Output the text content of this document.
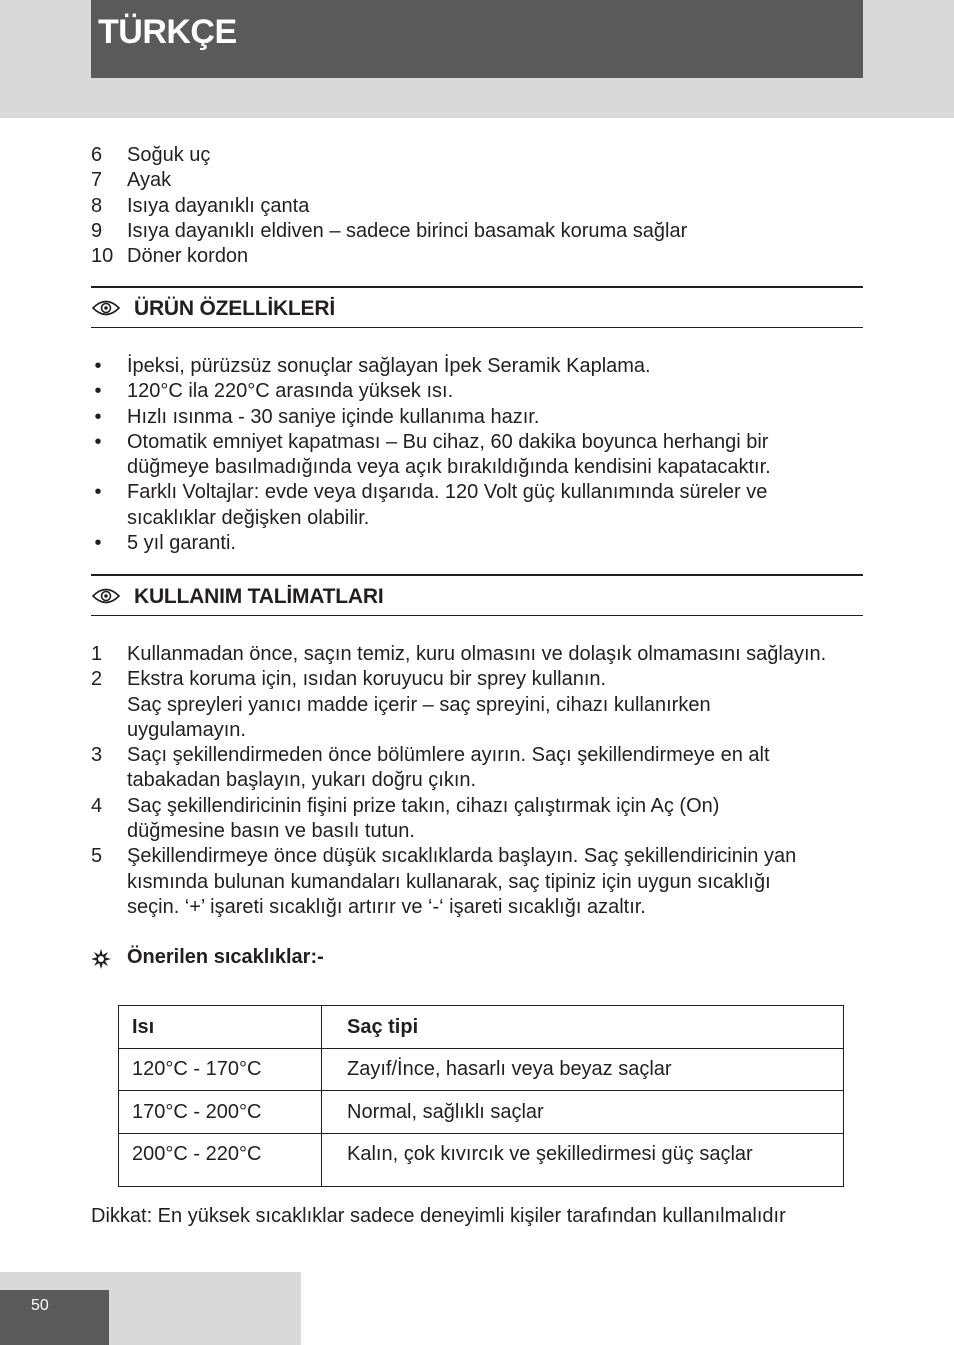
TÜRKÇE
6 Soğuk uç
7 Ayak
8 Isıya dayanıklı çanta
9 Isıya dayanıklı eldiven – sadece birinci basamak koruma sağlar
10 Döner kordon
ÜRÜN ÖZELLİKLERİ
• İpeksi, pürüzsüz sonuçlar sağlayan İpek Seramik Kaplama.
• 120°C ila 220°C arasında yüksek ısı.
• Hızlı ısınma - 30 saniye içinde kullanıma hazır.
• Otomatik emniyet kapatması – Bu cihaz, 60 dakika boyunca herhangi bir
düğmeye basılmadığında veya açık bırakıldığında kendisini kapatacaktır.
• Farklı Voltajlar: evde veya dışarıda. 120 Volt güç kullanımında süreler ve
sıcaklıklar değişken olabilir.
• 5 yıl garanti.
KULLANIM TALİMATLARI
1 Kullanmadan önce, saçın temiz, kuru olmasını ve dolaşık olmamasını sağlayın.
2 Ekstra koruma için, ısıdan koruyucu bir sprey kullanın.
Saç spreyleri yanıcı madde içerir – saç spreyini, cihazı kullanırken
uygulamayın.
3 Saçı şekillendirmeden önce bölümlere ayırın. Saçı şekillendirmeye en alt
tabakadan başlayın, yukarı doğru çıkın.
4 Saç şekillendiricinin fişini prize takın, cihazı çalıştırmak için Aç (On)
düğmesine basın ve basılı tutun.
5 Şekillendirmeye önce düşük sıcaklıklarda başlayın. Saç şekillendiricinin yan
kısmında bulunan kumandaları kullanarak, saç tipiniz için uygun sıcaklığı
seçin. ‘+’ işareti sıcaklığı artırır ve ‘-‘ işareti sıcaklığı azaltır.
Önerilen sıcaklıklar:-
Isı	Saç tipi
120°C - 170°C	Zayıf/İnce, hasarlı veya beyaz saçlar
170°C - 200°C	Normal, sağlıklı saçlar
200°C - 220°C	Kalın, çok kıvırcık ve şekilledirmesi güç saçlar
Dikkat: En yüksek sıcaklıklar sadece deneyimli kişiler tarafından kullanılmalıdır
50
